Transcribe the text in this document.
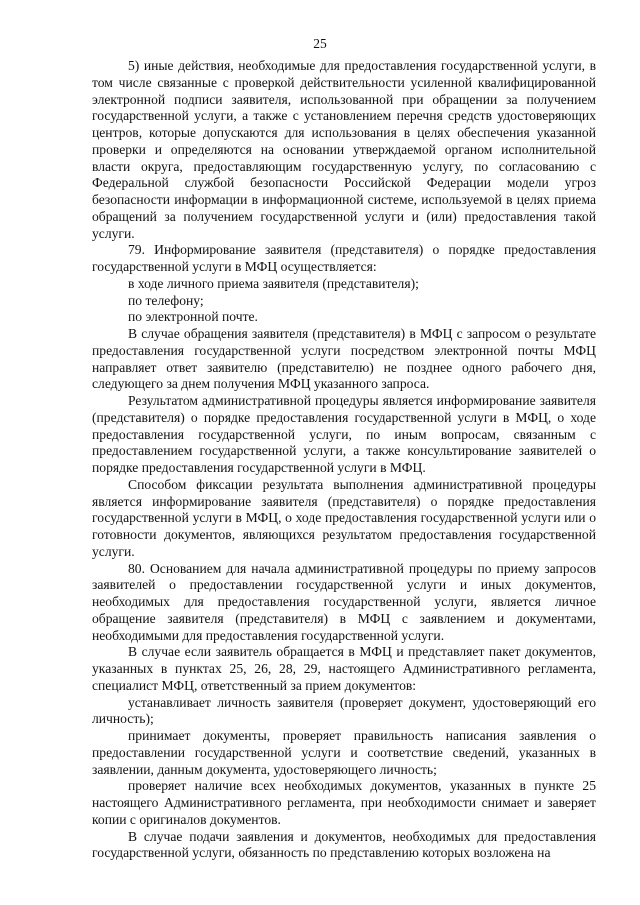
25

5) иные действия, необходимые для предоставления государственной услуги, в том числе связанные с проверкой действительности усиленной квалифицированной электронной подписи заявителя, использованной при обращении за получением государственной услуги, а также с установлением перечня средств удостоверяющих центров, которые допускаются для использования в целях обеспечения указанной проверки и определяются на основании утверждаемой органом исполнительной власти округа, предоставляющим государственную услугу, по согласованию с Федеральной службой безопасности Российской Федерации модели угроз безопасности информации в информационной системе, используемой в целях приема обращений за получением государственной услуги и (или) предоставления такой услуги.

79. Информирование заявителя (представителя) о порядке предоставления государственной услуги в МФЦ осуществляется:

в ходе личного приема заявителя (представителя);

по телефону;

по электронной почте.

В случае обращения заявителя (представителя) в МФЦ с запросом о результате предоставления государственной услуги посредством электронной почты МФЦ направляет ответ заявителю (представителю) не позднее одного рабочего дня, следующего за днем получения МФЦ указанного запроса.

Результатом административной процедуры является информирование заявителя (представителя) о порядке предоставления государственной услуги в МФЦ, о ходе предоставления государственной услуги, по иным вопросам, связанным с предоставлением государственной услуги, а также консультирование заявителей о порядке предоставления государственной услуги в МФЦ.

Способом фиксации результата выполнения административной процедуры является информирование заявителя (представителя) о порядке предоставления государственной услуги в МФЦ, о ходе предоставления государственной услуги или о готовности документов, являющихся результатом предоставления государственной услуги.

80. Основанием для начала административной процедуры по приему запросов заявителей о предоставлении государственной услуги и иных документов, необходимых для предоставления государственной услуги, является личное обращение заявителя (представителя) в МФЦ с заявлением и документами, необходимыми для предоставления государственной услуги.

В случае если заявитель обращается в МФЦ и представляет пакет документов, указанных в пунктах 25, 26, 28, 29, настоящего Административного регламента, специалист МФЦ, ответственный за прием документов:

устанавливает личность заявителя (проверяет документ, удостоверяющий его личность);

принимает документы, проверяет правильность написания заявления о предоставлении государственной услуги и соответствие сведений, указанных в заявлении, данным документа, удостоверяющего личность;

проверяет наличие всех необходимых документов, указанных в пункте 25 настоящего Административного регламента, при необходимости снимает и заверяет копии с оригиналов документов.

В случае подачи заявления и документов, необходимых для предоставления государственной услуги, обязанность по представлению которых возложена на
